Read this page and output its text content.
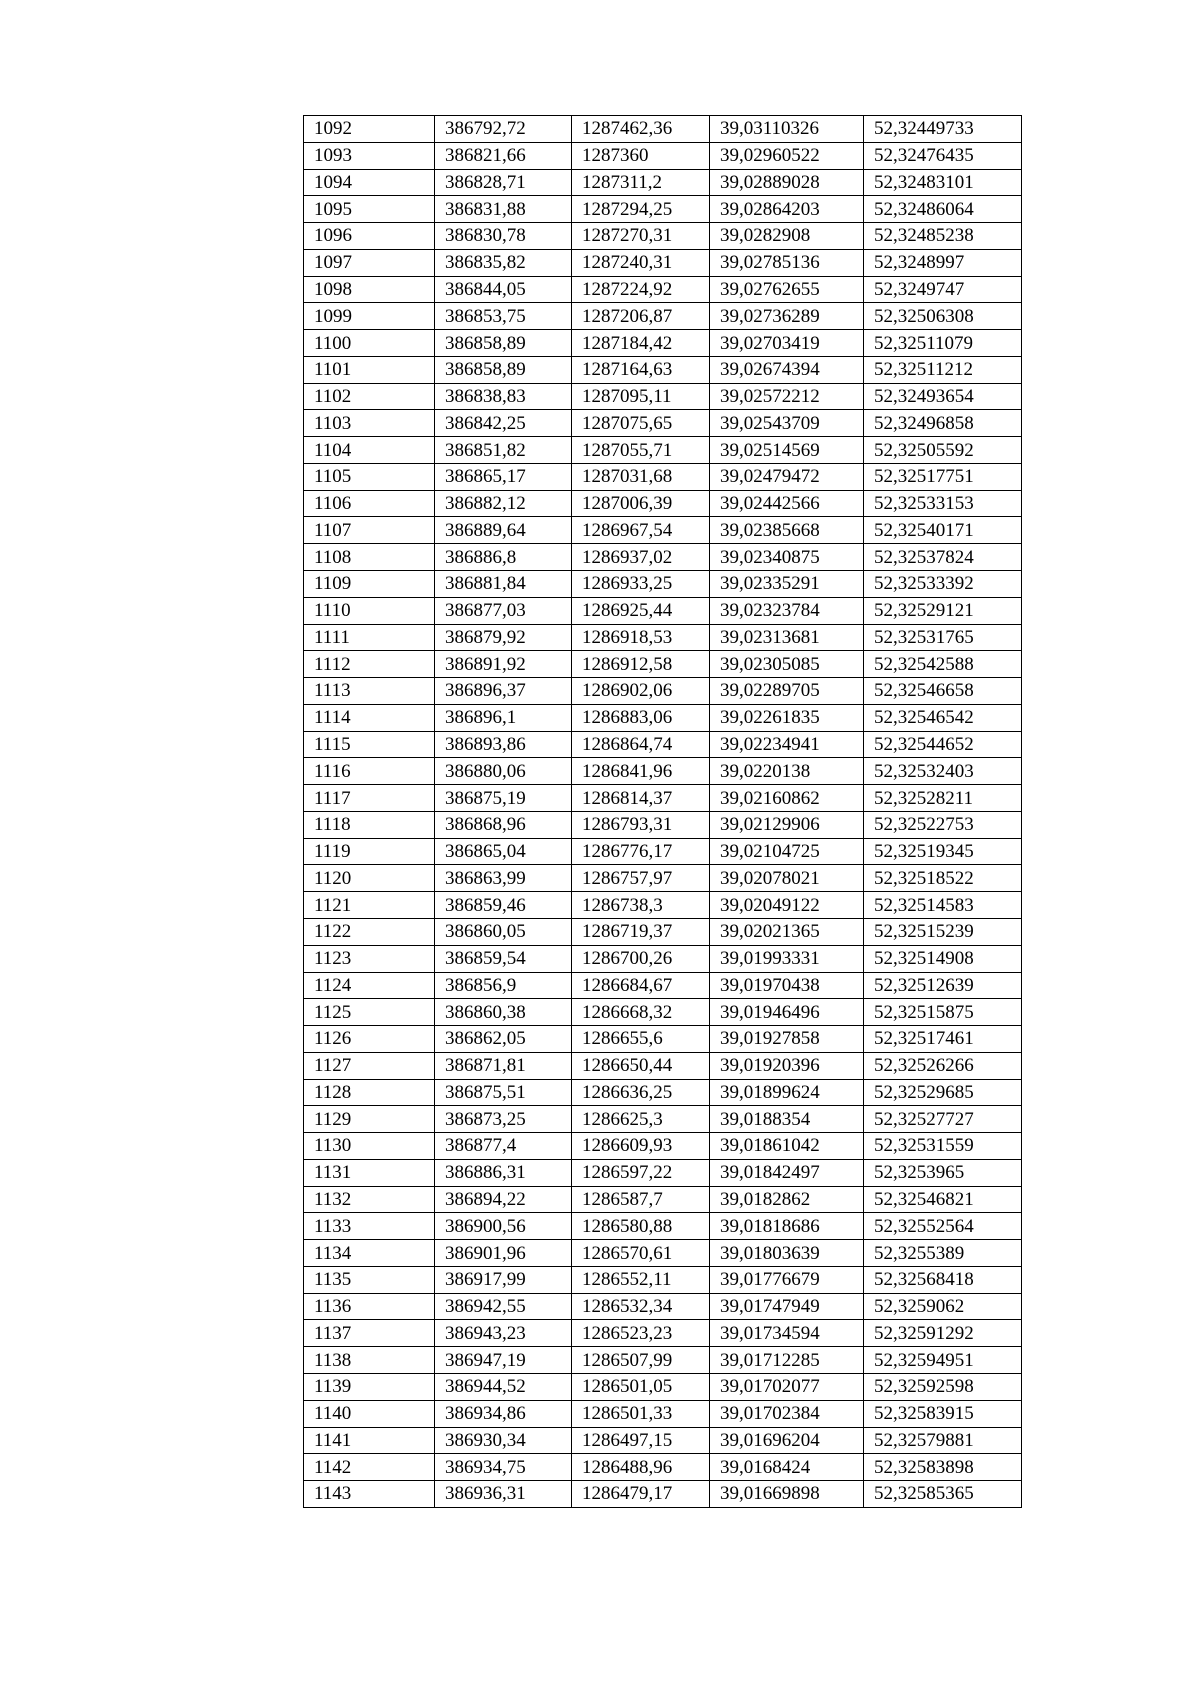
1092	386792,72	1287462,36	39,03110326	52,32449733
1093	386821,66	1287360	39,02960522	52,32476435
1094	386828,71	1287311,2	39,02889028	52,32483101
1095	386831,88	1287294,25	39,02864203	52,32486064
1096	386830,78	1287270,31	39,0282908	52,32485238
1097	386835,82	1287240,31	39,02785136	52,3248997
1098	386844,05	1287224,92	39,02762655	52,3249747
1099	386853,75	1287206,87	39,02736289	52,32506308
1100	386858,89	1287184,42	39,02703419	52,32511079
1101	386858,89	1287164,63	39,02674394	52,32511212
1102	386838,83	1287095,11	39,02572212	52,32493654
1103	386842,25	1287075,65	39,02543709	52,32496858
1104	386851,82	1287055,71	39,02514569	52,32505592
1105	386865,17	1287031,68	39,02479472	52,32517751
1106	386882,12	1287006,39	39,02442566	52,32533153
1107	386889,64	1286967,54	39,02385668	52,32540171
1108	386886,8	1286937,02	39,02340875	52,32537824
1109	386881,84	1286933,25	39,02335291	52,32533392
1110	386877,03	1286925,44	39,02323784	52,32529121
1111	386879,92	1286918,53	39,02313681	52,32531765
1112	386891,92	1286912,58	39,02305085	52,32542588
1113	386896,37	1286902,06	39,02289705	52,32546658
1114	386896,1	1286883,06	39,02261835	52,32546542
1115	386893,86	1286864,74	39,02234941	52,32544652
1116	386880,06	1286841,96	39,0220138	52,32532403
1117	386875,19	1286814,37	39,02160862	52,32528211
1118	386868,96	1286793,31	39,02129906	52,32522753
1119	386865,04	1286776,17	39,02104725	52,32519345
1120	386863,99	1286757,97	39,02078021	52,32518522
1121	386859,46	1286738,3	39,02049122	52,32514583
1122	386860,05	1286719,37	39,02021365	52,32515239
1123	386859,54	1286700,26	39,01993331	52,32514908
1124	386856,9	1286684,67	39,01970438	52,32512639
1125	386860,38	1286668,32	39,01946496	52,32515875
1126	386862,05	1286655,6	39,01927858	52,32517461
1127	386871,81	1286650,44	39,01920396	52,32526266
1128	386875,51	1286636,25	39,01899624	52,32529685
1129	386873,25	1286625,3	39,0188354	52,32527727
1130	386877,4	1286609,93	39,01861042	52,32531559
1131	386886,31	1286597,22	39,01842497	52,3253965
1132	386894,22	1286587,7	39,0182862	52,32546821
1133	386900,56	1286580,88	39,01818686	52,32552564
1134	386901,96	1286570,61	39,01803639	52,3255389
1135	386917,99	1286552,11	39,01776679	52,32568418
1136	386942,55	1286532,34	39,01747949	52,3259062
1137	386943,23	1286523,23	39,01734594	52,32591292
1138	386947,19	1286507,99	39,01712285	52,32594951
1139	386944,52	1286501,05	39,01702077	52,32592598
1140	386934,86	1286501,33	39,01702384	52,32583915
1141	386930,34	1286497,15	39,01696204	52,32579881
1142	386934,75	1286488,96	39,0168424	52,32583898
1143	386936,31	1286479,17	39,01669898	52,32585365
